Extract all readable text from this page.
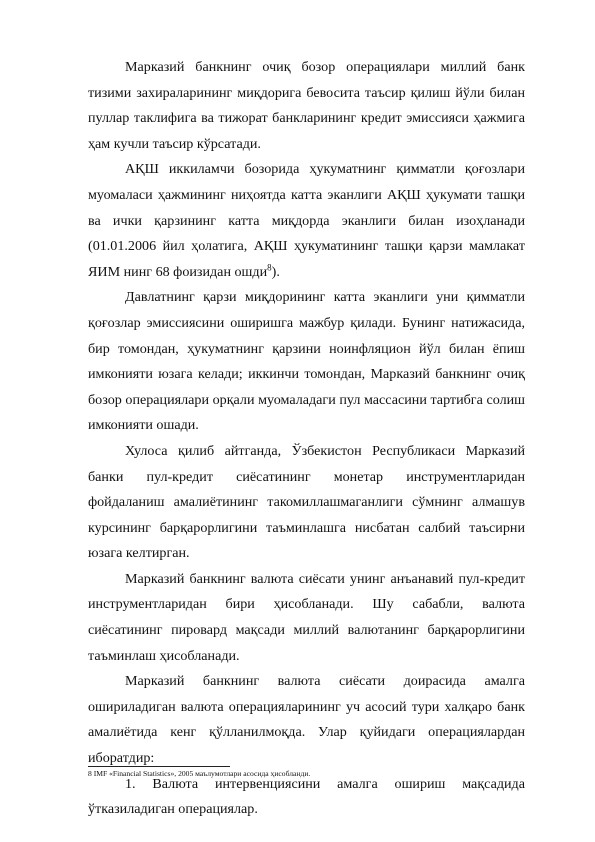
Марказий банкнинг очиқ бозор операциялари миллий банк тизими захираларининг миқдорига бевосита таъсир қилиш йўли билан пуллар таклифига ва тижорат банкларининг кредит эмиссияси ҳажмига ҳам кучли таъсир кўрсатади.

АҚШ иккиламчи бозорида ҳукуматнинг қимматли қоғозлари муомаласи ҳажмининг ниҳоятда катта эканлиги АҚШ ҳукумати ташқи ва ички қарзининг катта миқдорда эканлиги билан изоҳланади (01.01.2006 йил ҳолатига, АҚШ ҳукуматининг ташқи қарзи мамлакат ЯИМ нинг 68 фоизидан ошди$^8$).

Давлатнинг қарзи миқдорининг катта эканлиги уни қимматли қоғозлар эмиссиясини оширишга мажбур қилади. Бунинг натижасида, бир томондан, ҳукуматнинг қарзини ноинфляцион йўл билан ёпиш имконияти юзага келади; иккинчи томондан, Марказий банкнинг очиқ бозор операциялари орқали муомаладаги пул массасини тартибга солиш имконияти ошади.

Хулоса қилиб айтганда, Ўзбекистон Республикаси Марказий банки пул-кредит сиёсатининг монетар инструментларидан фойдаланиш амалиётининг такомиллашмаганлиги сўмнинг алмашув курсининг барқарорлигини таъминлашга нисбатан салбий таъсирни юзага келтирган.

Марказий банкнинг валюта сиёсати унинг анъанавий пул-кредит инструментларидан бири ҳисобланади. Шу сабабли, валюта сиёсатининг пировард мақсади миллий валютанинг барқарорлигини таъминлаш ҳисобланади.

Марказий банкнинг валюта сиёсати доирасида амалга ошириладиган валюта операцияларининг уч асосий тури халқаро банк амалиётида кенг қўлланилмоқда. Улар қуйидаги операциялардан иборатдир:

1. Валюта интервенциясини амалга ошириш мақсадида ўтказиладиган операциялар.

8 IMF «Financial Statistics», 2005 маълумотлари асосида ҳисобланди.
